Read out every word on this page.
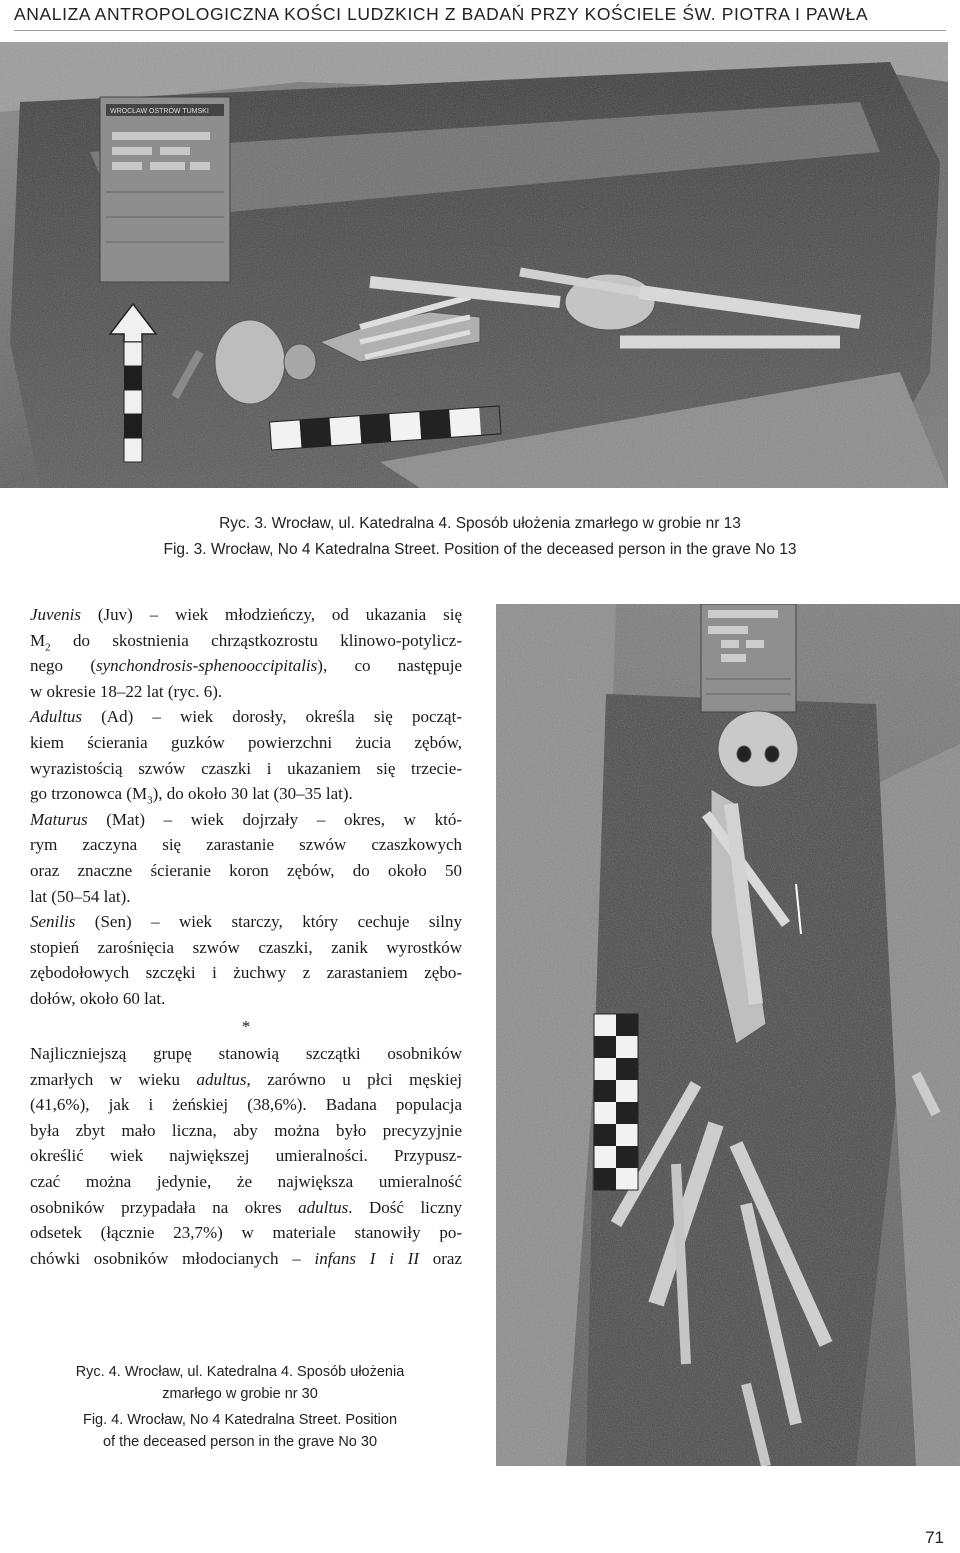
ANALIZA ANTROPOLOGICZNA KOŚCI LUDZKICH Z BADAŃ PRZY KOŚCIELE ŚW. PIOTRA I PAWŁA
WROCŁAW OSTRÓW TUMSKI
Ryc. 3. Wrocław, ul. Katedralna 4. Sposób ułożenia zmarłego w grobie nr 13
Fig. 3. Wrocław, No 4 Katedralna Street. Position of the deceased person in the grave No 13

Juvenis (Juv) – wiek młodzieńczy, od ukazania się
$M_2$ do skostnienia chrząstkozrostu klinowo-potylicz-
nego (synchondrosis-sphenooccipitalis), co następuje
w okresie 18–22 lat (ryc. 6).

Adultus (Ad) – wiek dorosły, określa się począt-
kiem ścierania guzków powierzchni żucia zębów,
wyrazistością szwów czaszki i ukazaniem się trzecie-
go trzonowca $(M_3)$, do około 30 lat (30–35 lat).

Maturus (Mat) – wiek dojrzały – okres, w któ-
rym zaczyna się zarastanie szwów czaszkowych
oraz znaczne ścieranie koron zębów, do około 50
lat (50–54 lat).

Senilis (Sen) – wiek starczy, który cechuje silny
stopień zarośnięcia szwów czaszki, zanik wyrostków
zębodołowych szczęki i żuchwy z zarastaniem zębo-
dołów, około 60 lat.

*

Najliczniejszą grupę stanowią szczątki osobników
zmarłych w wieku adultus, zarówno u płci męskiej
(41,6%), jak i żeńskiej (38,6%). Badana populacja
była zbyt mało liczna, aby można było precyzyjnie
określić wiek największej umieralności. Przypusz-
czać można jedynie, że największa umieralność
osobników przypadała na okres adultus. Dość liczny
odsetek (łącznie 23,7%) w materiale stanowiły po-
chówki osobników młodocianych – infans I i II oraz

Ryc. 4. Wrocław, ul. Katedralna 4. Sposób ułożenia
zmarłego w grobie nr 30
Fig. 4. Wrocław, No 4 Katedralna Street. Position
of the deceased person in the grave No 30
71
